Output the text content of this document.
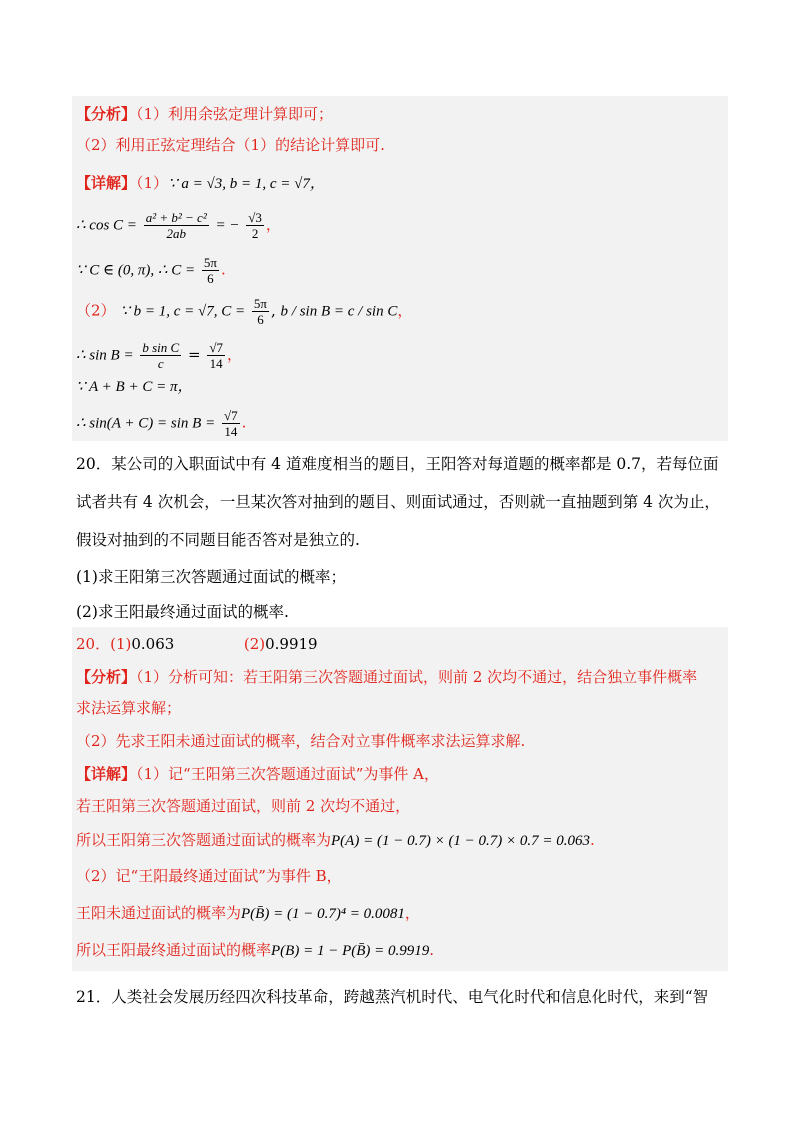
【分析】（1）利用余弦定理计算即可；
（2）利用正弦定理结合（1）的结论计算即可.
【详解】（1）∵ a = √3, b = 1, c = √7，
∴ $\cos C = \frac{\text{a² + b² − c²}}{2ab}$ = − $\frac{√3}{2}$ ，
∵ C ∈ (0, π), ∴ $C = \frac{5\pi}{6}$ .
（2） ∵ b = 1, c = √7, $C = \frac{5\pi}{6}$ , b / sin B = c / sin C，
∴ $\sin B = \frac{\text{b sin C}}{c} = \frac{√7}{14}$ ，
∵ A + B + C = π，
∴ $\sin(A + C) = \sin B = \frac{√7}{14}$ .
20．某公司的入职面试中有 4 道难度相当的题目，王阳答对每道题的概率都是 0.7，若每位面
试者共有 4 次机会，一旦某次答对抽到的题目、则面试通过，否则就一直抽题到第 4 次为止，
假设对抽到的不同题目能否答对是独立的.
(1)求王阳第三次答题通过面试的概率；
(2)求王阳最终通过面试的概率.
20．(1)0.063	(2)0.9919
【分析】（1）分析可知：若王阳第三次答题通过面试，则前 2 次均不通过，结合独立事件概率
求法运算求解；
（2）先求王阳未通过面试的概率，结合对立事件概率求法运算求解.
【详解】（1）记“王阳第三次答题通过面试”为事件 A，
若王阳第三次答题通过面试，则前 2 次均不通过，
所以王阳第三次答题通过面试的概率为P(A) = (1 − 0.7) × (1 − 0.7) × 0.7 = 0.063.
（2）记“王阳最终通过面试”为事件 B，
王阳未通过面试的概率为P(B̄) = (1 − 0.7)⁴ = 0.0081，
所以王阳最终通过面试的概率P(B) = 1 − P(B̄) = 0.9919.
21．人类社会发展历经四次科技革命，跨越蒸汽机时代、电气化时代和信息化时代，来到“智
